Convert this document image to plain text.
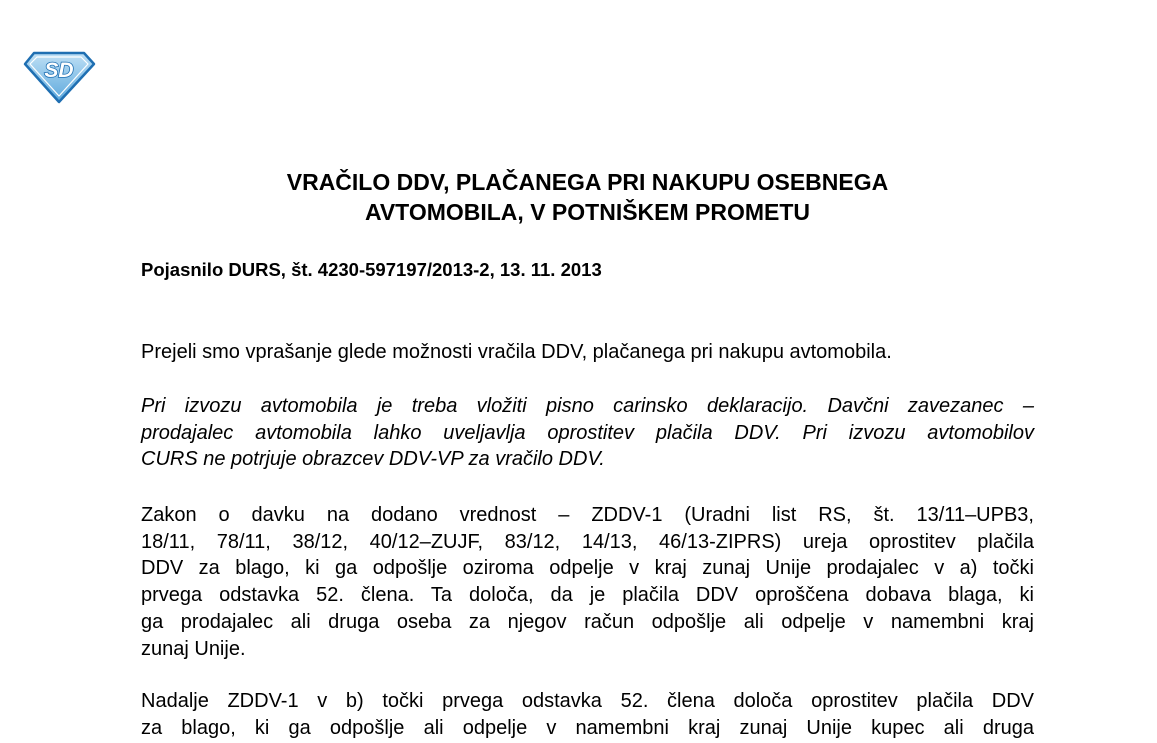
SD
VRAČILO DDV, PLAČANEGA PRI NAKUPU OSEBNEGA
AVTOMOBILA, V POTNIŠKEM PROMETU

Pojasnilo DURS, št. 4230-597197/2013-2, 13. 11. 2013

Prejeli smo vprašanje glede možnosti vračila DDV, plačanega pri nakupu avtomobila.

Pri izvozu avtomobila je treba vložiti pisno carinsko deklaracijo. Davčni zavezanec –
prodajalec avtomobila lahko uveljavlja oprostitev plačila DDV. Pri izvozu avtomobilov
CURS ne potrjuje obrazcev DDV-VP za vračilo DDV.

Zakon o davku na dodano vrednost – ZDDV-1 (Uradni list RS, št. 13/11–UPB3,
18/11, 78/11, 38/12, 40/12–ZUJF, 83/12, 14/13, 46/13-ZIPRS) ureja oprostitev plačila
DDV za blago, ki ga odpošlje oziroma odpelje v kraj zunaj Unije prodajalec v a) točki
prvega odstavka 52. člena. Ta določa, da je plačila DDV oproščena dobava blaga, ki
ga prodajalec ali druga oseba za njegov račun odpošlje ali odpelje v namembni kraj
zunaj Unije.

Nadalje ZDDV-1 v b) točki prvega odstavka 52. člena določa oprostitev plačila DDV
za blago, ki ga odpošlje ali odpelje v namembni kraj zunaj Unije kupec ali druga
